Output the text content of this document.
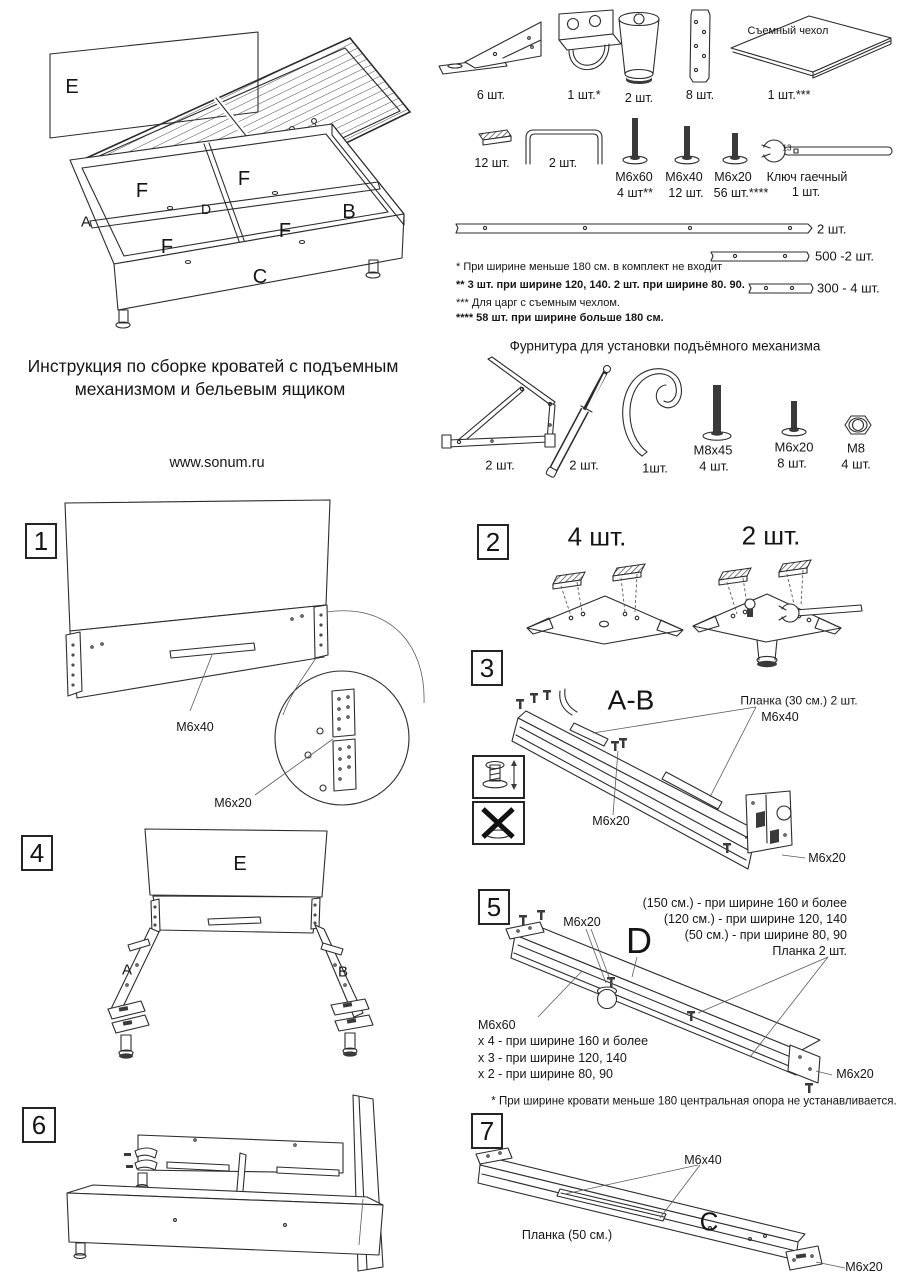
E
F
F
F
F
A
D	B
C
Съемный чехол
6 шт.	1 шт.* 2 шт.	8 шт.	1 шт.***
13
12 шт.	2 шт.
М6х60
4 шт**
М6х40
12 шт.
М6х20
56 шт.****
Ключ гаечный
1 шт.
2 шт.
500 -2 шт.
300 - 4 шт.
* При ширине меньше 180 см. в комплект не входит
** 3 шт. при ширине 120, 140. 2 шт. при ширине 80. 90.
*** Для царг с съемным чехлом.
**** 58 шт. при ширине больше 180 см.
Фурнитура для установки подъёмного механизма
2 шт.	2 шт.	1шт.
М8х45
4 шт.
М6х20
8 шт.
М8
4 шт.
Инструкция по сборке кроватей с подъемным
механизмом и бельевым ящиком
www.sonum.ru
1
М6х40
М6х20
2	4 шт.	2 шт.
3
А-В	Планка (30 см.) 2 шт.
М6х40
М6х20
М6х20
4	E
A	B
5
М6х20 D
(150 см.) - при ширине 160 и более
(120 см.) - при ширине 120, 140
(50 см.) - при ширине 80, 90
Планка 2 шт.
М6х60
х 4 - при ширине 160 и более
х 3 - при ширине 120, 140
х 2 - при ширине 80, 90	М6х20
* При ширине кровати меньше 180 центральная опора не устанавливается.
6	7
М6х40
C
Планка (50 см.)
М6х20
